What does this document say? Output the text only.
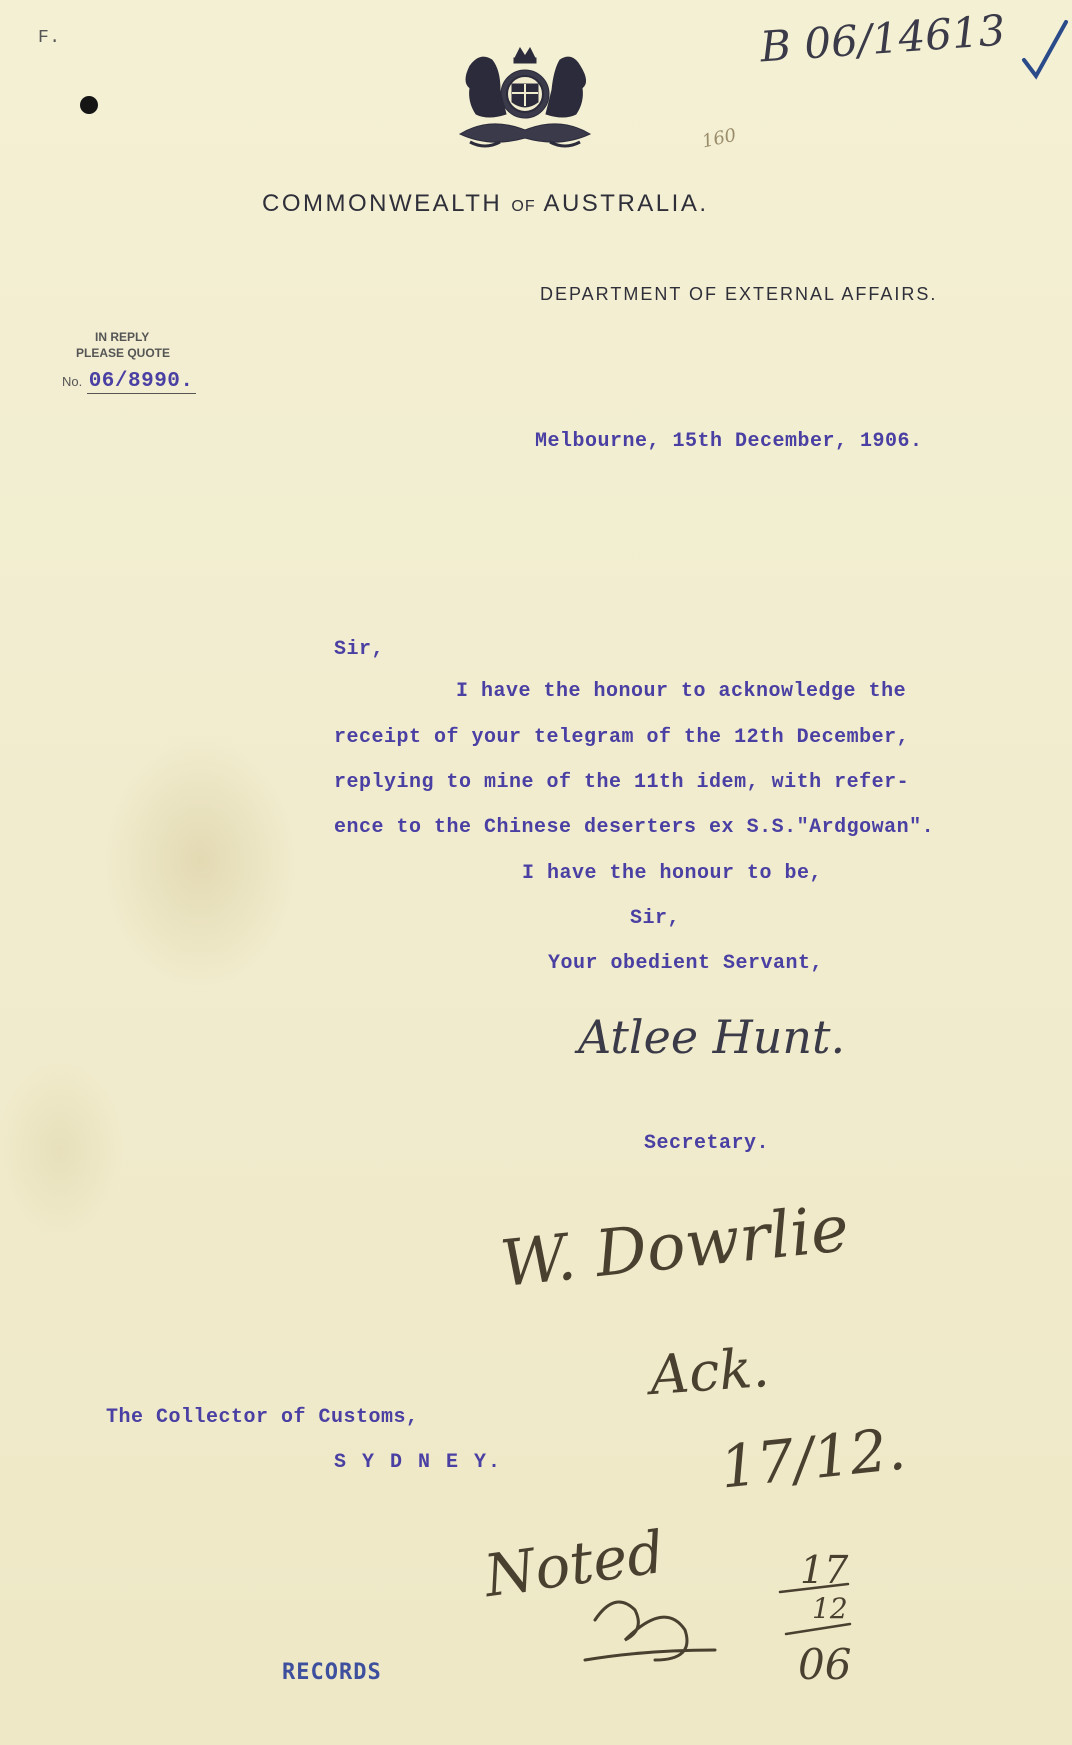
F.	B 06/14613
160
COMMONWEALTH OF AUSTRALIA.
DEPARTMENT OF EXTERNAL AFFAIRS.
IN REPLY
PLEASE QUOTE
No. 06/8990.
Melbourne, 15th December, 1906.
Sir,
I have the honour to acknowledge the
receipt of your telegram of the 12th December,
replying to mine of the 11th idem, with refer-
ence to the Chinese deserters ex S.S."Ardgowan".
I have the honour to be,
Sir,
Your obedient Servant,
Atlee Hunt.
Secretary.
W. Dowrlie
Ack.
17/12.
Noted	17
12
06
The Collector of Customs,
S Y D N E Y.
RECORDS
